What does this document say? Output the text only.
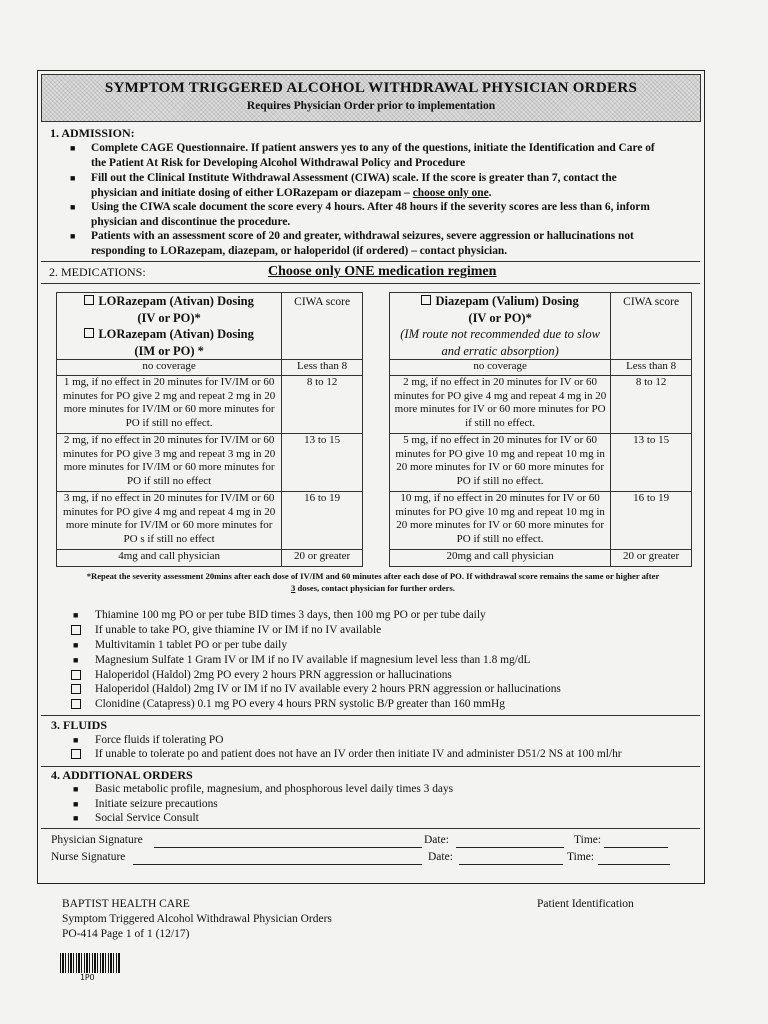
SYMPTOM TRIGGERED ALCOHOL WITHDRAWAL PHYSICIAN ORDERS
Requires Physician Order prior to implementation
1. ADMISSION:
■ Complete CAGE Questionnaire. If patient answers yes to any of the questions, initiate the Identification and Care of
the Patient At Risk for Developing Alcohol Withdrawal Policy and Procedure
■ Fill out the Clinical Institute Withdrawal Assessment (CIWA) scale. If the score is greater than 7, contact the
physician and initiate dosing of either LORazepam or diazepam – choose only one.
■ Using the CIWA scale document the score every 4 hours. After 48 hours if the severity scores are less than 6, inform
physician and discontinue the procedure.
■ Patients with an assessment score of 20 and greater, withdrawal seizures, severe aggression or hallucinations not
responding to LORazepam, diazepam, or haloperidol (if ordered) – contact physician.
2. MEDICATIONS:	Choose only ONE medication regimen
LORazepam (Ativan) Dosing
(IV or PO)*
LORazepam (Ativan) Dosing
(IM or PO) *	CIWA score
no coverage	Less than 8
1 mg, if no effect in 20 minutes for IV/IM or 60 minutes for PO give 2 mg and repeat 2 mg in 20 more minutes for IV/IM or 60 more minutes for PO if still no effect.	8 to 12
2 mg, if no effect in 20 minutes for IV/IM or 60 minutes for PO give 3 mg and repeat 3 mg in 20 more minutes for IV/IM or 60 more minutes for PO if still no effect	13 to 15
3 mg, if no effect in 20 minutes for IV/IM or 60 minutes for PO give 4 mg and repeat 4 mg in 20 more minute for IV/IM or 60 more minutes for PO s if still no effect	16 to 19
4mg and call physician	20 or greater
Diazepam (Valium) Dosing
(IV or PO)*
(IM route not recommended due to slow and erratic absorption)	CIWA score
no coverage	Less than 8
2 mg, if no effect in 20 minutes for IV or 60 minutes for PO give 4 mg and repeat 4 mg in 20 more minutes for IV or 60 more minutes for PO if still no effect.	8 to 12
5 mg, if no effect in 20 minutes for IV or 60 minutes for PO give 10 mg and repeat 10 mg in 20 more minutes for IV or 60 more minutes for PO if still no effect.	13 to 15
10 mg, if no effect in 20 minutes for IV or 60 minutes for PO give 10 mg and repeat 10 mg in 20 more minutes for IV or 60 more minutes for PO if still no effect.	16 to 19
20mg and call physician	20 or greater
*Repeat the severity assessment 20mins after each dose of IV/IM and 60 minutes after each dose of PO. If withdrawal score remains the same or higher after
3 doses, contact physician for further orders.
■ Thiamine 100 mg PO or per tube BID times 3 days, then 100 mg PO or per tube daily
If unable to take PO, give thiamine IV or IM if no IV available
■ Multivitamin 1 tablet PO or per tube daily
■ Magnesium Sulfate 1 Gram IV or IM if no IV available if magnesium level less than 1.8 mg/dL
Haloperidol (Haldol) 2mg PO every 2 hours PRN aggression or hallucinations
Haloperidol (Haldol) 2mg IV or IM if no IV available every 2 hours PRN aggression or hallucinations
Clonidine (Catapress) 0.1 mg PO every 4 hours PRN systolic B/P greater than 160 mmHg
3. FLUIDS
■ Force fluids if tolerating PO
If unable to tolerate po and patient does not have an IV order then initiate IV and administer D51/2 NS at 100 ml/hr
4. ADDITIONAL ORDERS
■ Basic metabolic profile, magnesium, and phosphorous level daily times 3 days
■ Initiate seizure precautions
■ Social Service Consult
Physician Signature	Date:	Time:
Nurse Signature	Date:	Time:
BAPTIST HEALTH CARE
Symptom Triggered Alcohol Withdrawal Physician Orders
PO-414 Page 1 of 1 (12/17)
Patient Identification
1PO
